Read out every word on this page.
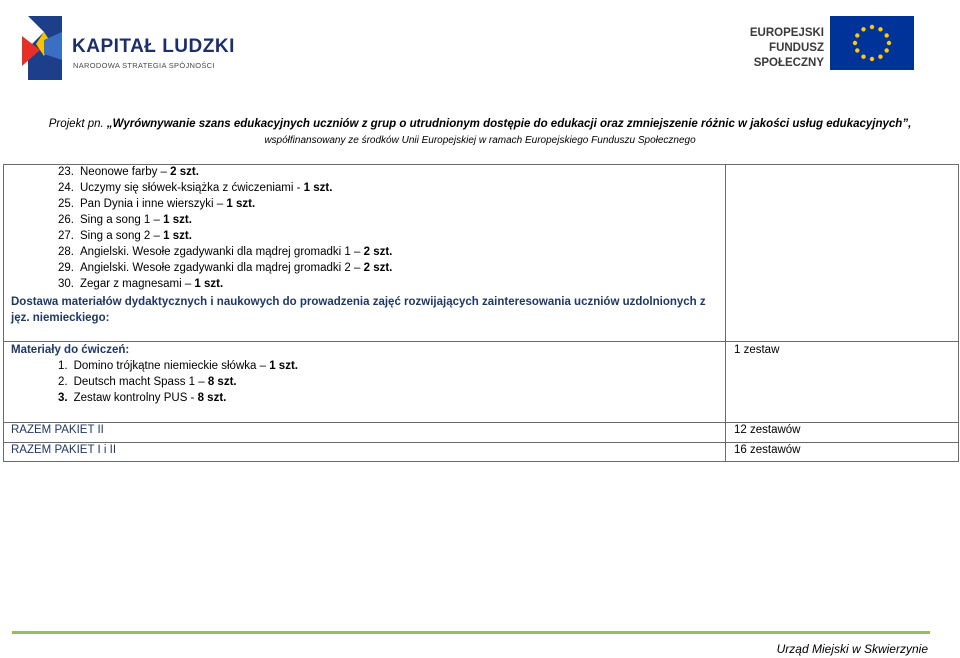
KAPITAŁ LUDZKI
NARODOWA STRATEGIA SPÓJNOŚCI
EUROPEJSKI
FUNDUSZ SPOŁECZNY
Projekt pn. „Wyrównywanie szans edukacyjnych uczniów z grup o utrudnionym dostępie do edukacji oraz zmniejszenie różnic w jakości usług edukacyjnych”,
współfinansowany ze środków Unii Europejskiej w ramach Europejskiego Funduszu Społecznego
23. Neonowe farby – 2 szt.
24. Uczymy się słówek-książka z ćwiczeniami - 1 szt.
25. Pan Dynia i inne wierszyki – 1 szt.
26. Sing a song 1 – 1 szt.
27. Sing a song 2 – 1 szt.
28. Angielski. Wesołe zgadywanki dla mądrej gromadki 1 – 2 szt.
29. Angielski. Wesołe zgadywanki dla mądrej gromadki 2 – 2 szt.
30. Zegar z magnesami – 1 szt.
Dostawa materiałów dydaktycznych i naukowych do prowadzenia zajęć rozwijających zainteresowania uczniów uzdolnionych z jęz. niemieckiego:
Materiały do ćwiczeń:
1. Domino trójkątne niemieckie słówka – 1 szt.
2. Deutsch macht Spass 1 – 8 szt.
3. Zestaw kontrolny PUS - 8 szt.
1 zestaw
RAZEM PAKIET II	12 zestawów
RAZEM PAKIET I i II	16 zestawów
Urząd Miejski w Skwierzynie
